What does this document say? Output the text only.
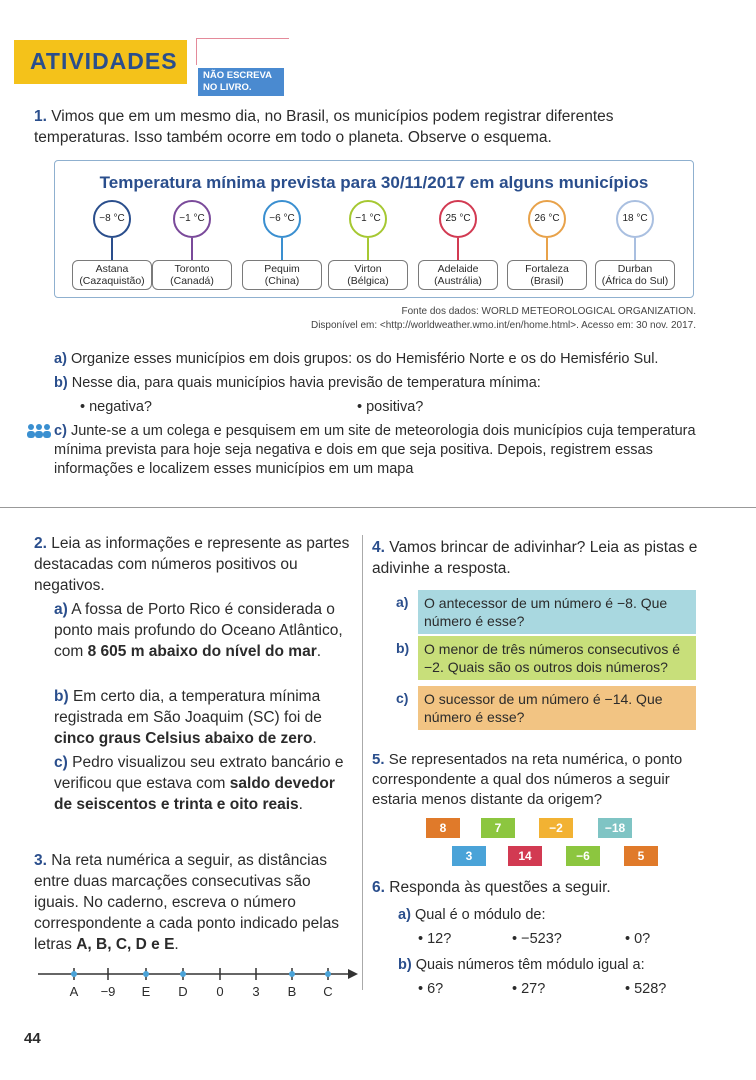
ATIVIDADES
NÃO ESCREVA
NO LIVRO.
1. Vimos que em um mesmo dia, no Brasil, os municípios podem registrar diferentes temperaturas. Isso também ocorre em todo o planeta. Observe o esquema.
Temperatura mínima prevista para 30/11/2017 em alguns municípios
−8 °C
Astana
(Cazaquistão)
−1 °C
Toronto
(Canadá)
−6 °C
Pequim
(China)
−1 °C
Virton
(Bélgica)
25 °C
Adelaide
(Austrália)
26 °C
Fortaleza
(Brasil)
18 °C
Durban
(África do Sul)
Fonte dos dados: WORLD METEOROLOGICAL ORGANIZATION.
Disponível em: <http://worldweather.wmo.int/en/home.html>. Acesso em: 30 nov. 2017.
a) Organize esses municípios em dois grupos: os do Hemisfério Norte e os do Hemisfério Sul.
b) Nesse dia, para quais municípios havia previsão de temperatura mínima:
• negativa?	• positiva?
c) Junte-se a um colega e pesquisem em um site de meteorologia dois municípios cuja temperatura mínima prevista para hoje seja negativa e dois em que seja positiva. Depois, registrem essas informações e localizem esses municípios em um mapa
2. Leia as informações e represente as partes destacadas com números positivos ou negativos.
a) A fossa de Porto Rico é considerada o ponto mais profundo do Oceano Atlântico, com 8 605 m abaixo do nível do mar.
b) Em certo dia, a temperatura mínima registrada em São Joaquim (SC) foi de cinco graus Celsius abaixo de zero.
c) Pedro visualizou seu extrato bancário e verificou que estava com saldo devedor de seiscentos e trinta e oito reais.
3. Na reta numérica a seguir, as distâncias entre duas marcações consecutivas são iguais. No caderno, escreva o número correspondente a cada ponto indicado pelas letras A, B, C, D e E.
A −9 E D 0 3 B C
4. Vamos brincar de adivinhar? Leia as pistas e adivinhe a resposta.
a)	O antecessor de um número é −8. Que número é esse?
b)	O menor de três números consecutivos é −2. Quais são os outros dois números?
c)	O sucessor de um número é −14. Que número é esse?
5. Se representados na reta numérica, o ponto correspondente a qual dos números a seguir estaria menos distante da origem?
8	7	−2	−18
3	14	−6	5
6. Responda às questões a seguir.
a) Qual é o módulo de:
• 12?	• −523?	• 0?
b) Quais números têm módulo igual a:
• 6?	• 27?	• 528?
44
